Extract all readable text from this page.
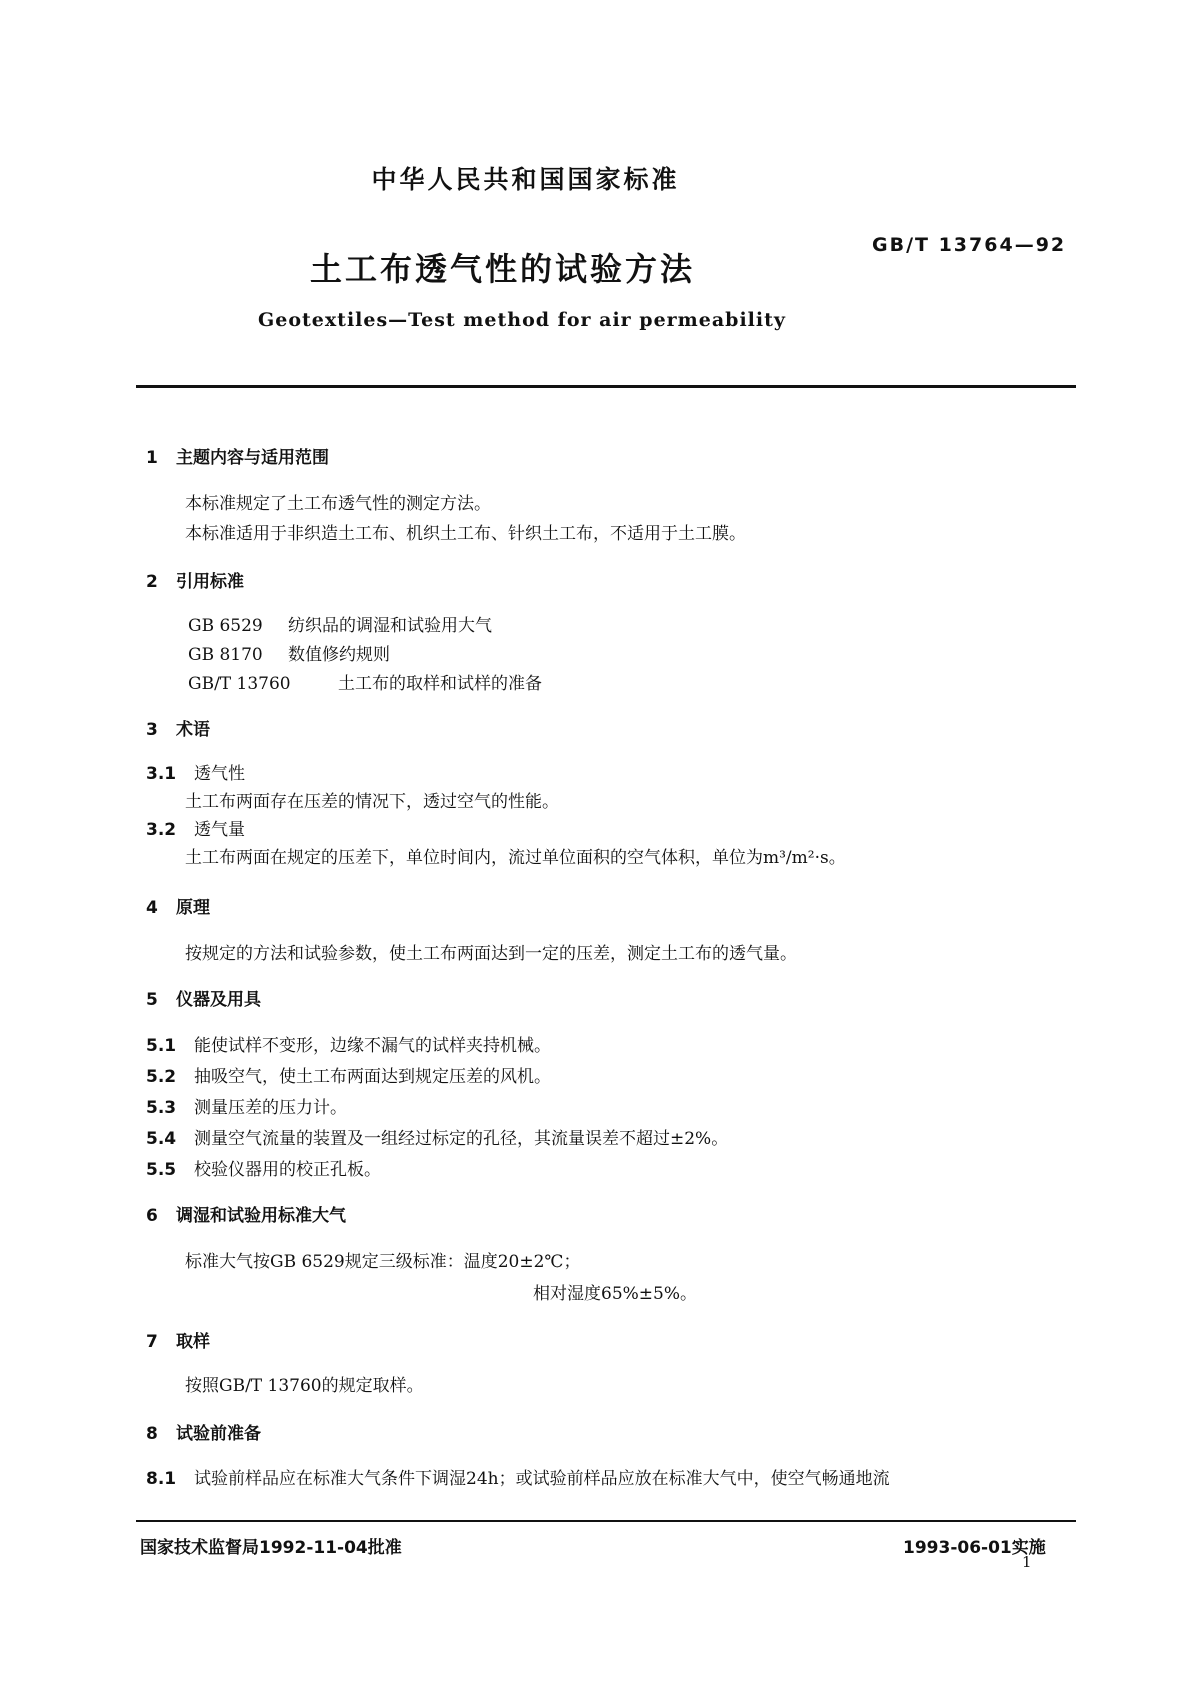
中华人民共和国国家标准
GB/T 13764—92
土工布透气性的试验方法
Geotextiles—Test method for air permeability
1 主题内容与适用范围
本标准规定了土工布透气性的测定方法。
本标准适用于非织造土工布、机织土工布、针织土工布，不适用于土工膜。
2 引用标准
GB 6529 纺织品的调湿和试验用大气
GB 8170 数值修约规则
GB/T 13760	土工布的取样和试样的准备
3 术语
3.1 透气性
土工布两面存在压差的情况下，透过空气的性能。
3.2 透气量
土工布两面在规定的压差下，单位时间内，流过单位面积的空气体积，单位为m³/m²·s。
4 原理
按规定的方法和试验参数，使土工布两面达到一定的压差，测定土工布的透气量。
5 仪器及用具
5.1 能使试样不变形，边缘不漏气的试样夹持机械。
5.2 抽吸空气，使土工布两面达到规定压差的风机。
5.3 测量压差的压力计。
5.4 测量空气流量的装置及一组经过标定的孔径，其流量误差不超过±2%。
5.5 校验仪器用的校正孔板。
6 调湿和试验用标准大气
标准大气按GB 6529规定三级标准：温度20±2℃；
相对湿度65%±5%。
7 取样
按照GB/T 13760的规定取样。
8 试验前准备
8.1 试验前样品应在标准大气条件下调湿24h；或试验前样品应放在标准大气中，使空气畅通地流
国家技术监督局1992-11-04批准	1993-06-01实施
1
